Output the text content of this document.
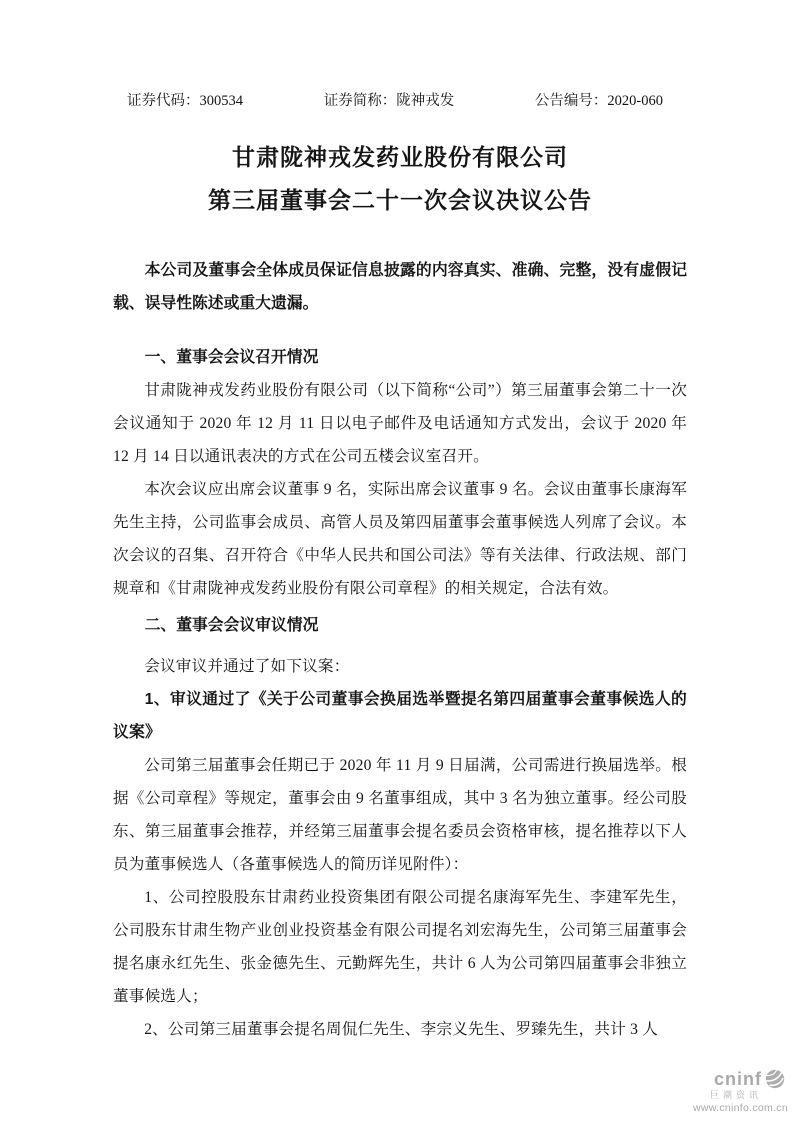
证券代码：300534	证券简称：陇神戎发	公告编号：2020-060
甘肃陇神戎发药业股份有限公司
第三届董事会二十一次会议决议公告

本公司及董事会全体成员保证信息披露的内容真实、准确、完整，没有虚假记载、误导性陈述或重大遗漏。

一、董事会会议召开情况

甘肃陇神戎发药业股份有限公司（以下简称“公司”）第三届董事会第二十一次会议通知于 2020 年 12 月 11 日以电子邮件及电话通知方式发出，会议于 2020 年 12 月 14 日以通讯表决的方式在公司五楼会议室召开。

本次会议应出席会议董事 9 名，实际出席会议董事 9 名。会议由董事长康海军先生主持，公司监事会成员、高管人员及第四届董事会董事候选人列席了会议。本次会议的召集、召开符合《中华人民共和国公司法》等有关法律、行政法规、部门规章和《甘肃陇神戎发药业股份有限公司章程》的相关规定，合法有效。

二、董事会会议审议情况

会议审议并通过了如下议案：

1、审议通过了《关于公司董事会换届选举暨提名第四届董事会董事候选人的议案》

公司第三届董事会任期已于 2020 年 11 月 9 日届满，公司需进行换届选举。根据《公司章程》等规定，董事会由 9 名董事组成，其中 3 名为独立董事。经公司股东、第三届董事会推荐，并经第三届董事会提名委员会资格审核，提名推荐以下人员为董事候选人（各董事候选人的简历详见附件）：

1、公司控股股东甘肃药业投资集团有限公司提名康海军先生、李建军先生，公司股东甘肃生物产业创业投资基金有限公司提名刘宏海先生，公司第三届董事会提名康永红先生、张金德先生、元勤辉先生，共计 6 人为公司第四届董事会非独立董事候选人；

2、公司第三届董事会提名周侃仁先生、李宗义先生、罗臻先生，共计 3 人

cninf
巨潮资讯
www.cninfo.com.cn
